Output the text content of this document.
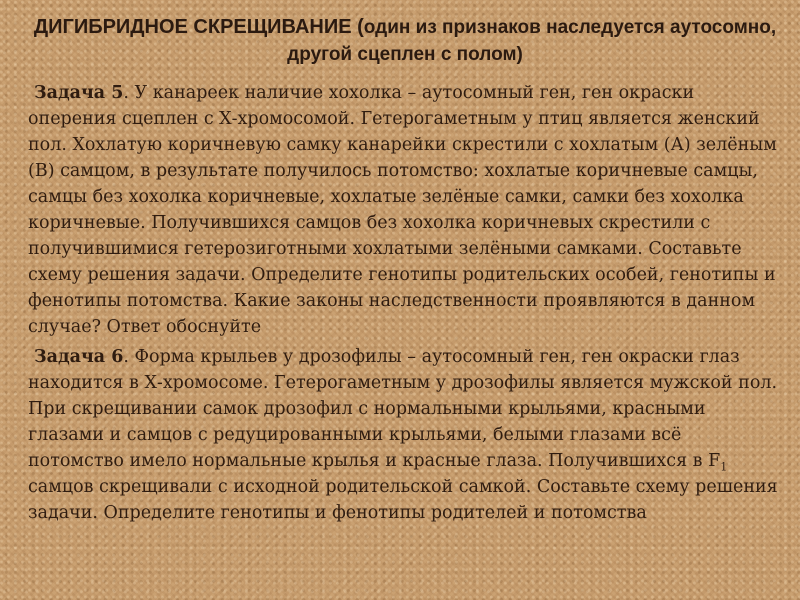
ДИГИБРИДНОЕ СКРЕЩИВАНИЕ (один из признаков наследуется аутосомно, другой сцеплен с полом)

Задача 5. У канареек наличие хохолка – аутосомный ген, ген окраски оперения сцеплен с Х-хромосомой. Гетерогаметным у птиц является женский пол. Хохлатую коричневую самку канарейки скрестили с хохлатым (А) зелёным (В) самцом, в результате получилось потомство: хохлатые коричневые самцы, самцы без хохолка коричневые, хохлатые зелёные самки, самки без хохолка коричневые. Получившихся самцов без хохолка коричневых скрестили с получившимися гетерозиготными хохлатыми зелёными самками. Составьте схему решения задачи. Определите генотипы родительских особей, генотипы и фенотипы потомства. Какие законы наследственности проявляются в данном случае? Ответ обоснуйте

Задача 6. Форма крыльев у дрозофилы – аутосомный ген, ген окраски глаз находится в Х-хромосоме. Гетерогаметным у дрозофилы является мужской пол. При скрещивании самок дрозофил с нормальными крыльями, красными глазами и самцов с редуцированными крыльями, белыми глазами всё потомство имело нормальные крылья и красные глаза. Получившихся в $F_1$ самцов скрещивали с исходной родительской самкой. Составьте схему решения задачи. Определите генотипы и фенотипы родителей и потомства
